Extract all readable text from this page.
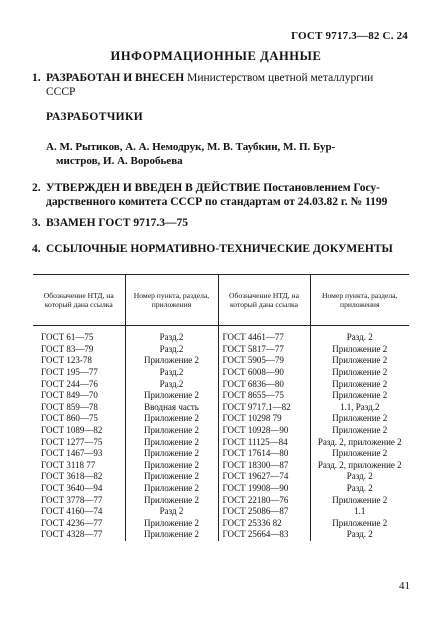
ГОСТ 9717.3—82 С. 24
ИНФОРМАЦИОННЫЕ ДАННЫЕ
1. РАЗРАБОТАН И ВНЕСЕН Министерством цветной металлургии
СССР
РАЗРАБОТЧИКИ
А. М. Рытиков, А. А. Немодрук, М. В. Таубкин, М. П. Бур-
мистров, И. А. Воробьева
2. УТВЕРЖДЕН И ВВЕДЕН В ДЕЙСТВИЕ Постановлением Госу-
дарственного комитета СССР по стандартам от 24.03.82 г. № 1199
3. ВЗАМЕН ГОСТ 9717.3—75
4. ССЫЛОЧНЫЕ НОРМАТИВНО-ТЕХНИЧЕСКИЕ ДОКУМЕНТЫ
Обозначение НТД, на который дана ссылка	Номер пункта, раздела, приложения	Обозначение НТД, на который дана ссылка	Номер пункта, раздела, приложения
ГОСТ 61—75	Разд.2	ГОСТ 4461—77	Разд. 2
ГОСТ 83—79	Разд.2	ГОСТ 5817—77	Приложение 2
ГОСТ 123-78	Приложение 2	ГОСТ 5905—79	Приложение 2
ГОСТ 195—77	Разд.2	ГОСТ 6008—90	Приложение 2
ГОСТ 244—76	Разд.2	ГОСТ 6836—80	Приложение 2
ГОСТ 849—70	Приложение 2	ГОСТ 8655—75	Приложение 2
ГОСТ 859—78	Вводная часть	ГОСТ 9717.1—82	1.1, Разд.2
ГОСТ 860—75	Приложение 2	ГОСТ 10298 79	Приложение 2
ГОСТ 1089—82	Приложение 2	ГОСТ 10928—90	Приложение 2
ГОСТ 1277—75	Приложение 2	ГОСТ 11125—84	Разд. 2, приложение 2
ГОСТ 1467—93	Приложение 2	ГОСТ 17614—80	Приложение 2
ГОСТ 3118 77	Приложение 2	ГОСТ 18300—87	Разд. 2, приложение 2
ГОСТ 3618—82	Приложение 2	ГОСТ 19627—74	Разд. 2
ГОСТ 3640—94	Приложение 2	ГОСТ 19908—90	Разд. 2
ГОСТ 3778—77	Приложение 2	ГОСТ 22180—76	Приложение 2
ГОСТ 4160—74	Разд 2	ГОСТ 25086—87	1.1
ГОСТ 4236—77	Приложение 2	ГОСТ 25336 82	Приложение 2
ГОСТ 4328—77	Приложение 2	ГОСТ 25664—83	Разд. 2
41
